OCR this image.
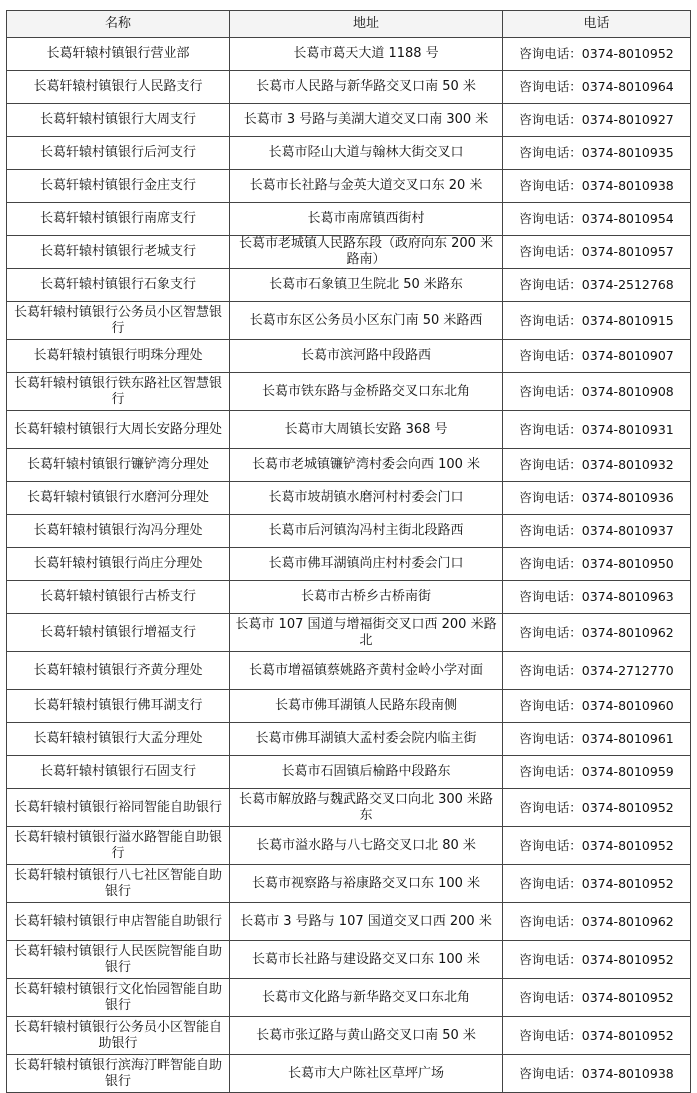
名称	地址	电话
长葛轩辕村镇银行营业部	长葛市葛天大道 1188 号	咨询电话：0374-8010952
长葛轩辕村镇银行人民路支行	长葛市人民路与新华路交叉口南 50 米	咨询电话：0374-8010964
长葛轩辕村镇银行大周支行	长葛市 3 号路与美湖大道交叉口南 300 米	咨询电话：0374-8010927
长葛轩辕村镇银行后河支行	长葛市陉山大道与翰林大街交叉口	咨询电话：0374-8010935
长葛轩辕村镇银行金庄支行	长葛市长社路与金英大道交叉口东 20 米	咨询电话：0374-8010938
长葛轩辕村镇银行南席支行	长葛市南席镇西街村	咨询电话：0374-8010954
长葛轩辕村镇银行老城支行	长葛市老城镇人民路东段（政府向东 200 米路南）	咨询电话：0374-8010957
长葛轩辕村镇银行石象支行	长葛市石象镇卫生院北 50 米路东	咨询电话：0374-2512768
长葛轩辕村镇银行公务员小区智慧银行	长葛市东区公务员小区东门南 50 米路西	咨询电话：0374-8010915
长葛轩辕村镇银行明珠分理处	长葛市滨河路中段路西	咨询电话：0374-8010907
长葛轩辕村镇银行铁东路社区智慧银行	长葛市铁东路与金桥路交叉口东北角	咨询电话：0374-8010908
长葛轩辕村镇银行大周长安路分理处	长葛市大周镇长安路 368 号	咨询电话：0374-8010931
长葛轩辕村镇银行镰铲湾分理处	长葛市老城镇镰铲湾村委会向西 100 米	咨询电话：0374-8010932
长葛轩辕村镇银行水磨河分理处	长葛市坡胡镇水磨河村村委会门口	咨询电话：0374-8010936
长葛轩辕村镇银行沟冯分理处	长葛市后河镇沟冯村主街北段路西	咨询电话：0374-8010937
长葛轩辕村镇银行尚庄分理处	长葛市佛耳湖镇尚庄村村委会门口	咨询电话：0374-8010950
长葛轩辕村镇银行古桥支行	长葛市古桥乡古桥南街	咨询电话：0374-8010963
长葛轩辕村镇银行增福支行	长葛市 107 国道与增福街交叉口西 200 米路北	咨询电话：0374-8010962
长葛轩辕村镇银行齐黄分理处	长葛市增福镇蔡姚路齐黄村金岭小学对面	咨询电话：0374-2712770
长葛轩辕村镇银行佛耳湖支行	长葛市佛耳湖镇人民路东段南侧	咨询电话：0374-8010960
长葛轩辕村镇银行大孟分理处	长葛市佛耳湖镇大孟村委会院内临主街	咨询电话：0374-8010961
长葛轩辕村镇银行石固支行	长葛市石固镇后榆路中段路东	咨询电话：0374-8010959
长葛轩辕村镇银行裕同智能自助银行	长葛市解放路与魏武路交叉口向北 300 米路东	咨询电话：0374-8010952
长葛轩辕村镇银行溢水路智能自助银行	长葛市溢水路与八七路交叉口北 80 米	咨询电话：0374-8010952
长葛轩辕村镇银行八七社区智能自助银行	长葛市视察路与裕康路交叉口东 100 米	咨询电话：0374-8010952
长葛轩辕村镇银行申店智能自助银行	长葛市 3 号路与 107 国道交叉口西 200 米	咨询电话：0374-8010962
长葛轩辕村镇银行人民医院智能自助银行	长葛市长社路与建设路交叉口东 100 米	咨询电话：0374-8010952
长葛轩辕村镇银行文化怡园智能自助银行	长葛市文化路与新华路交叉口东北角	咨询电话：0374-8010952
长葛轩辕村镇银行公务员小区智能自助银行	长葛市张辽路与黄山路交叉口南 50 米	咨询电话：0374-8010952
长葛轩辕村镇银行滨海汀畔智能自助银行	长葛市大户陈社区草坪广场	咨询电话：0374-8010938
